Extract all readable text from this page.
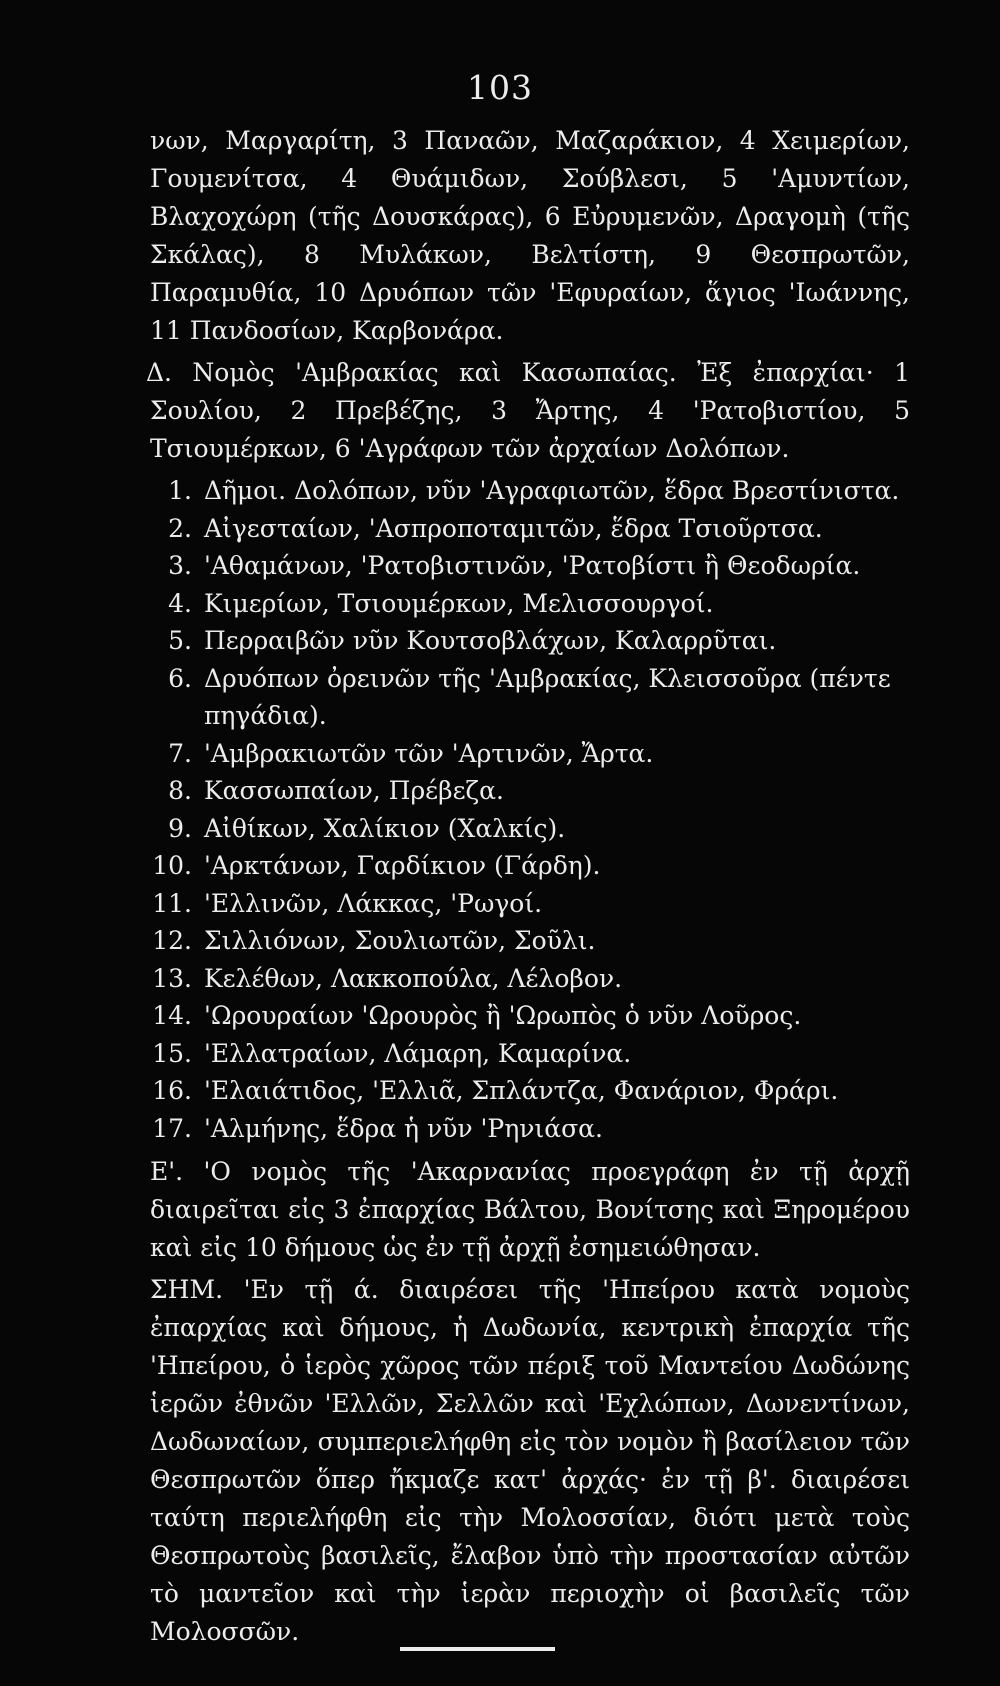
103

νων, Μαργαρίτη, 3 Παναῶν, Μαζαράκιον, 4 Χειμερίων, Γουμενίτσα, 4 Θυάμιδων, Σούβλεσι, 5 'Αμυντίων, Βλαχοχώρη (τῆς Δουσκάρας), 6 Εὐρυμενῶν, Δραγομὴ (τῆς Σκάλας), 8 Μυλάκων, Βελτίστη, 9 Θεσπρωτῶν, Παραμυθία, 10 Δρυόπων τῶν 'Εφυραίων, ἅγιος 'Ιωάννης, 11 Πανδοσίων, Καρβονάρα.

Δ. Νομὸς 'Αμβρακίας καὶ Κασωπαίας. Ἐξ ἐπαρχίαι· 1 Σουλίου, 2 Πρεβέζης, 3 Ἄρτης, 4 'Ρατοβιστίου, 5 Τσιουμέρκων, 6 'Αγράφων τῶν ἀρχαίων Δολόπων.

1. Δῆμοι. Δολόπων, νῦν 'Αγραφιωτῶν, ἕδρα Βρεστίνιστα.
2. Αἰγεσταίων, 'Ασπροποταμιτῶν, ἕδρα Τσιοῦρτσα.
3. 'Αθαμάνων, 'Ρατοβιστινῶν, 'Ρατοβίστι ἢ Θεοδωρία.
4. Κιμερίων, Τσιουμέρκων, Μελισσουργοί.
5. Περραιβῶν νῦν Κουτσοβλάχων, Καλαρρῦται.
6. Δρυόπων ὀρεινῶν τῆς 'Αμβρακίας, Κλεισσοῦρα (πέντε πηγάδια).
7. 'Αμβρακιωτῶν τῶν 'Αρτινῶν, Ἄρτα.
8. Κασσωπαίων, Πρέβεζα.
9. Αἰθίκων, Χαλίκιον (Χαλκίς).
10. 'Αρκτάνων, Γαρδίκιον (Γάρδη).
11. 'Ελλινῶν, Λάκκας, 'Ρωγοί.
12. Σιλλιόνων, Σουλιωτῶν, Σοῦλι.
13. Κελέθων, Λακκοπούλα, Λέλοβον.
14. 'Ωρουραίων 'Ωρουρὸς ἢ 'Ωρωπὸς ὁ νῦν Λοῦρος.
15. 'Ελλατραίων, Λάμαρη, Καμαρίνα.
16. 'Ελαιάτιδος, 'Ελλιᾶ, Σπλάντζα, Φανάριον, Φράρι.
17. 'Αλμήνης, ἕδρα ἡ νῦν 'Ρηνιάσα.

Ε'. 'Ο νομὸς τῆς 'Ακαρνανίας προεγράφη ἐν τῇ ἀρχῇ διαιρεῖται εἰς 3 ἐπαρχίας Βάλτου, Βονίτσης καὶ Ξηρομέρου καὶ εἰς 10 δήμους ὡς ἐν τῇ ἀρχῇ ἐσημειώθησαν.

ΣΗΜ. 'Εν τῇ ά. διαιρέσει τῆς 'Ηπείρου κατὰ νομοὺς ἐπαρχίας καὶ δήμους, ἡ Δωδωνία, κεντρικὴ ἐπαρχία τῆς 'Ηπείρου, ὁ ἱερὸς χῶρος τῶν πέριξ τοῦ Μαντείου Δωδώνης ἱερῶν ἐθνῶν 'Ελλῶν, Σελλῶν καὶ 'Εχλώπων, Δωνεντίνων, Δωδωναίων, συμπεριελήφθη εἰς τὸν νομὸν ἢ βασίλειον τῶν Θεσπρωτῶν ὅπερ ἤκμαζε κατ' ἀρχάς· ἐν τῇ β'. διαιρέσει ταύτη περιελήφθη εἰς τὴν Μολοσσίαν, διότι μετὰ τοὺς Θεσπρωτοὺς βασιλεῖς, ἔλαβον ὑπὸ τὴν προστασίαν αὐτῶν τὸ μαντεῖον καὶ τὴν ἱερὰν περιοχὴν οἱ βασιλεῖς τῶν Μολοσσῶν.
